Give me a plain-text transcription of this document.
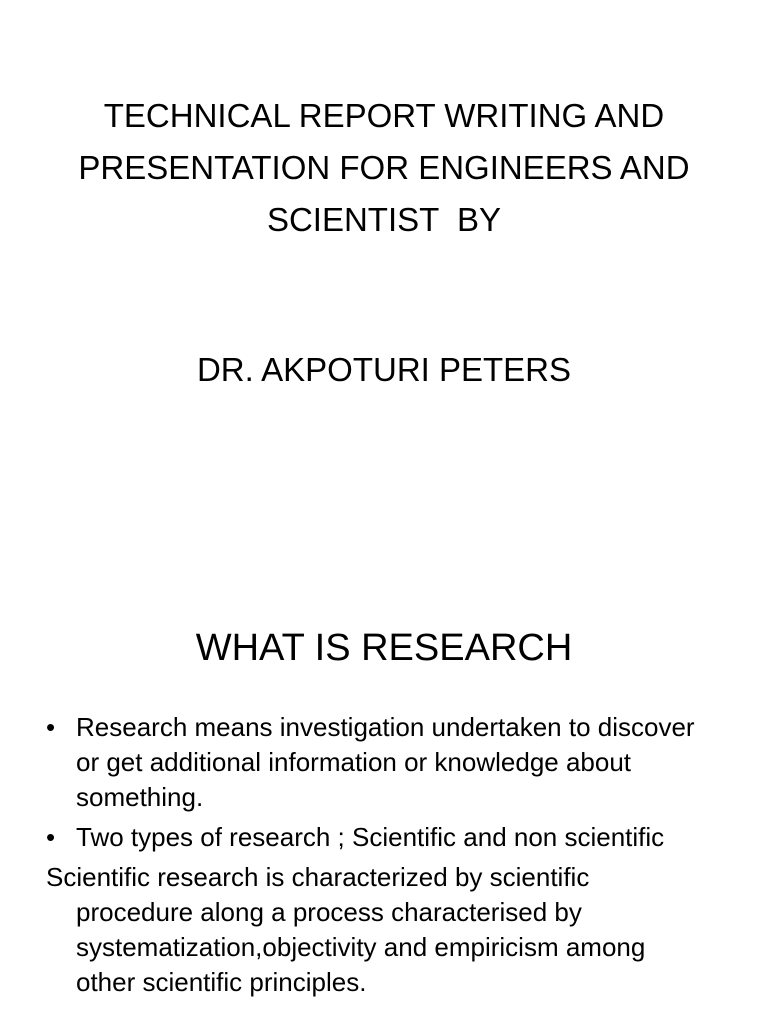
TECHNICAL REPORT WRITING AND
PRESENTATION FOR ENGINEERS AND
SCIENTIST  BY
DR. AKPOTURI PETERS
WHAT IS RESEARCH
• Research means investigation undertaken to discover or get additional information or knowledge about something.
• Two types of research ; Scientific and non scientific
Scientific research is characterized by scientific procedure along a process characterised by systematization,objectivity and empiricism among other scientific principles.
